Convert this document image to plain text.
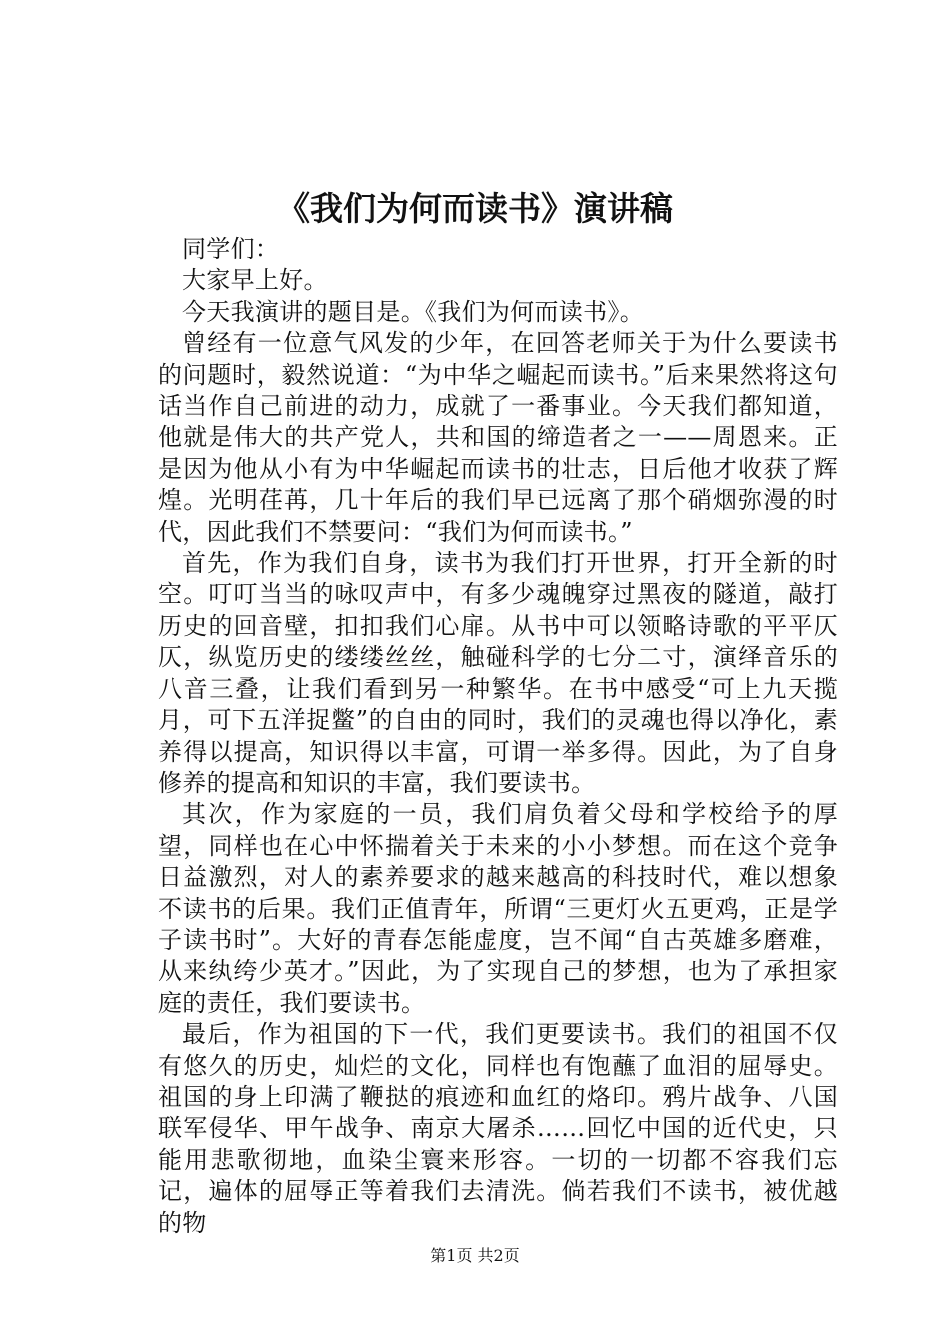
《我们为何而读书》演讲稿

同学们：

大家早上好。

今天我演讲的题目是。《我们为何而读书》。

曾经有一位意气风发的少年，在回答老师关于为什么要读书的问题时，毅然说道：“为中华之崛起而读书。”后来果然将这句话当作自己前进的动力，成就了一番事业。今天我们都知道，他就是伟大的共产党人，共和国的缔造者之一——周恩来。正是因为他从小有为中华崛起而读书的壮志，日后他才收获了辉煌。光明荏苒，几十年后的我们早已远离了那个硝烟弥漫的时代，因此我们不禁要问：“我们为何而读书。”

首先，作为我们自身，读书为我们打开世界，打开全新的时空。叮叮当当的咏叹声中，有多少魂魄穿过黑夜的隧道，敲打历史的回音壁，扣扣我们心扉。从书中可以领略诗歌的平平仄仄，纵览历史的缕缕丝丝，触碰科学的七分二寸，演绎音乐的八音三叠，让我们看到另一种繁华。在书中感受“可上九天揽月，可下五洋捉鳖”的自由的同时，我们的灵魂也得以净化，素养得以提高，知识得以丰富，可谓一举多得。因此，为了自身修养的提高和知识的丰富，我们要读书。

其次，作为家庭的一员，我们肩负着父母和学校给予的厚望，同样也在心中怀揣着关于未来的小小梦想。而在这个竞争日益激烈，对人的素养要求的越来越高的科技时代，难以想象不读书的后果。我们正值青年，所谓“三更灯火五更鸡，正是学子读书时”。大好的青春怎能虚度，岂不闻“自古英雄多磨难，从来纨绔少英才。”因此，为了实现自己的梦想，也为了承担家庭的责任，我们要读书。

最后，作为祖国的下一代，我们更要读书。我们的祖国不仅有悠久的历史，灿烂的文化，同样也有饱蘸了血泪的屈辱史。祖国的身上印满了鞭挞的痕迹和血红的烙印。鸦片战争、八国联军侵华、甲午战争、南京大屠杀……回忆中国的近代史，只能用悲歌彻地，血染尘寰来形容。一切的一切都不容我们忘记，遍体的屈辱正等着我们去清洗。倘若我们不读书，被优越的物

第1页 共2页
